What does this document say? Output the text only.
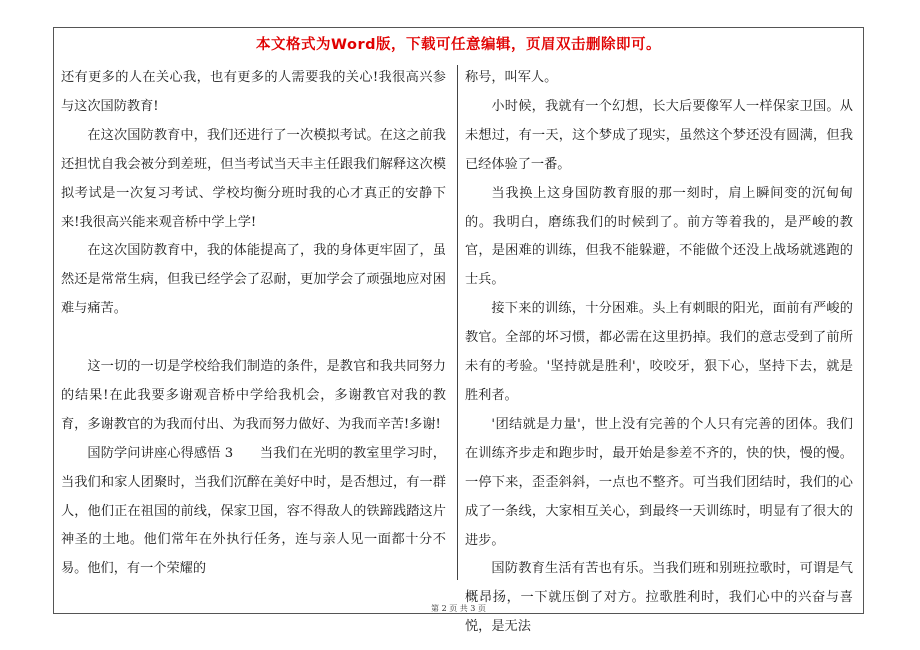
本文格式为Word版，下载可任意编辑，页眉双击删除即可。

还有更多的人在关心我，也有更多的人需要我的关心!我很高兴参与这次国防教育!

在这次国防教育中，我们还进行了一次模拟考试。在这之前我还担忧自我会被分到差班，但当考试当天丰主任跟我们解释这次模拟考试是一次复习考试、学校均衡分班时我的心才真正的安静下来!我很高兴能来观音桥中学上学!

在这次国防教育中，我的体能提高了，我的身体更牢固了，虽然还是常常生病，但我已经学会了忍耐，更加学会了顽强地应对困难与痛苦。

这一切的一切是学校给我们制造的条件，是教官和我共同努力的结果!在此我要多谢观音桥中学给我机会，多谢教官对我的教育，多谢教官的为我而付出、为我而努力做好、为我而辛苦!多谢!

国防学问讲座心得感悟 3　　当我们在光明的教室里学习时，当我们和家人团聚时，当我们沉醉在美好中时，是否想过，有一群人，他们正在祖国的前线，保家卫国，容不得敌人的铁蹄践踏这片神圣的土地。他们常年在外执行任务，连与亲人见一面都十分不易。他们，有一个荣耀的

称号，叫军人。

小时候，我就有一个幻想，长大后要像军人一样保家卫国。从未想过，有一天，这个梦成了现实，虽然这个梦还没有圆满，但我已经体验了一番。

当我换上这身国防教育服的那一刻时，肩上瞬间变的沉甸甸的。我明白，磨练我们的时候到了。前方等着我的，是严峻的教官，是困难的训练，但我不能躲避，不能做个还没上战场就逃跑的士兵。

接下来的训练，十分困难。头上有刺眼的阳光，面前有严峻的教官。全部的坏习惯，都必需在这里扔掉。我们的意志受到了前所未有的考验。'坚持就是胜利'，咬咬牙，狠下心，坚持下去，就是胜利者。

'团结就是力量'，世上没有完善的个人只有完善的团体。我们在训练齐步走和跑步时，最开始是参差不齐的，快的快，慢的慢。一停下来，歪歪斜斜，一点也不整齐。可当我们团结时，我们的心成了一条线，大家相互关心，到最终一天训练时，明显有了很大的进步。

国防教育生活有苦也有乐。当我们班和别班拉歌时，可谓是气概昂扬，一下就压倒了对方。拉歌胜利时，我们心中的兴奋与喜悦，是无法

第 2 页 共 3 页
